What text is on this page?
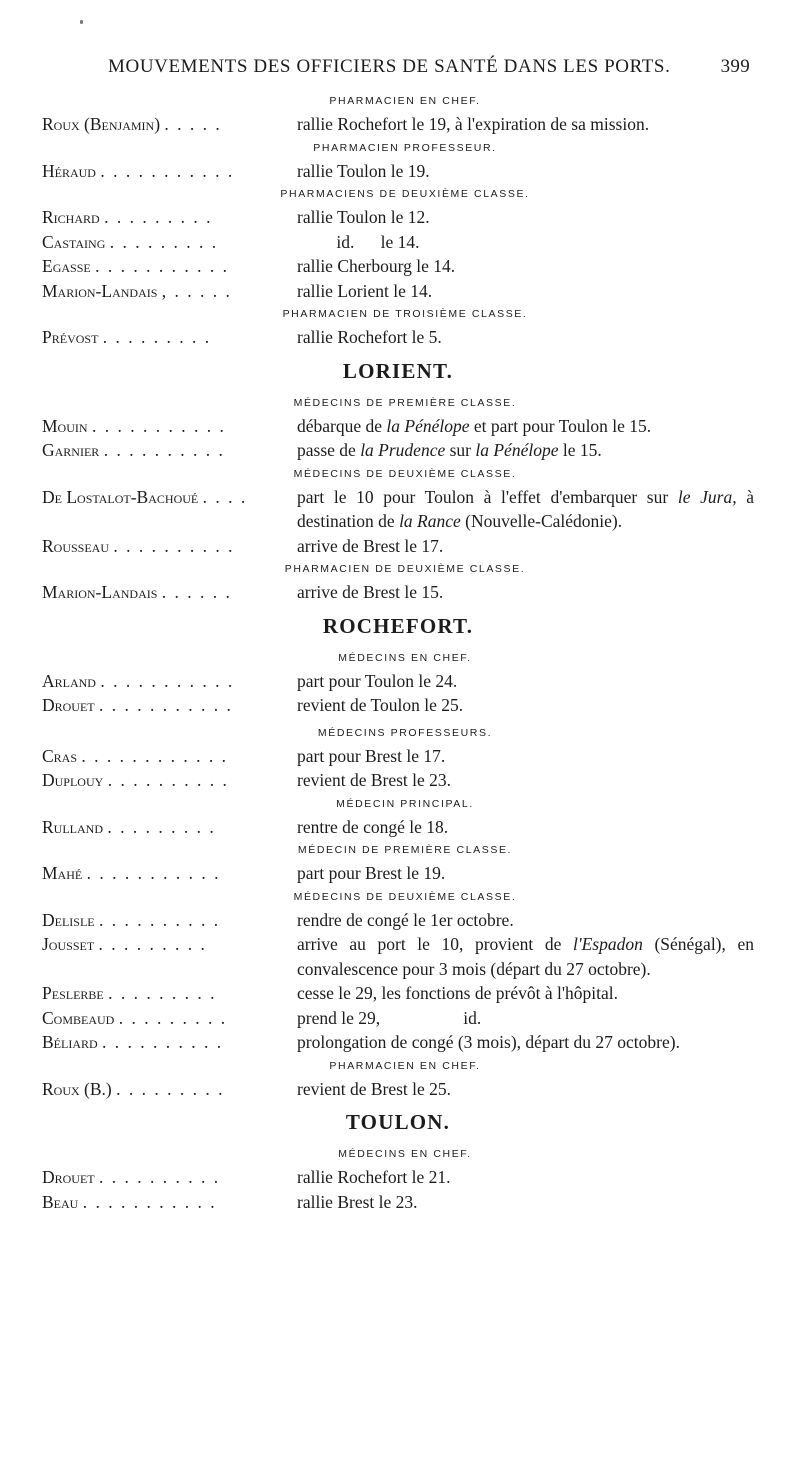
MOUVEMENTS DES OFFICIERS DE SANTÉ DANS LES PORTS.	399
PHARMACIEN EN CHEF.
Roux (Benjamin) . . . . .	rallie Rochefort le 19, à l'expiration de sa mission.
PHARMACIEN PROFESSEUR.
Héraud . . . . . . . . . . .	rallie Toulon le 19.
PHARMACIENS DE DEUXIÈME CLASSE.
Richard . . . . . . . . .	rallie Toulon le 12.
Castaing . . . . . . . . .	id.      le 14.
Egasse . . . . . . . . . . .	rallie Cherbourg le 14.
Marion-Landais , . . . . .	rallie Lorient le 14.
PHARMACIEN DE TROISIÈME CLASSE.
Prévost . . . . . . . . .	rallie Rochefort le 5.
LORIENT.
MÉDECINS DE PREMIÈRE CLASSE.
Mouin . . . . . . . . . . .	débarque de la Pénélope et part pour Toulon le 15.
Garnier . . . . . . . . . .	passe de la Prudence sur la Pénélope le 15.
MÉDECINS DE DEUXIÈME CLASSE.
De Lostalot-Bachoué . . . .	part le 10 pour Toulon à l'effet d'embarquer sur le Jura, à destination de la Rance (Nouvelle-Calédonie).
Rousseau . . . . . . . . . .	arrive de Brest le 17.
PHARMACIEN DE DEUXIÈME CLASSE.
Marion-Landais . . . . . .	arrive de Brest le 15.
ROCHEFORT.
MÉDECINS EN CHEF.
Arland . . . . . . . . . . .	part pour Toulon le 24.
Drouet . . . . . . . . . . .	revient de Toulon le 25.
MÉDECINS PROFESSEURS.
Cras . . . . . . . . . . . .	part pour Brest le 17.
Duplouy . . . . . . . . . .	revient de Brest le 23.
MÉDECIN PRINCIPAL.
Rulland . . . . . . . . .	rentre de congé le 18.
MÉDECIN DE PREMIÈRE CLASSE.
Mahé . . . . . . . . . . .	part pour Brest le 19.
MÉDECINS DE DEUXIÈME CLASSE.
Delisle . . . . . . . . . .	rendre de congé le 1er octobre.
Jousset . . . . . . . . .	arrive au port le 10, provient de l'Espadon (Sénégal), en convalescence pour 3 mois (départ du 27 octobre).
Peslerbe . . . . . . . . .	cesse le 29, les fonctions de prévôt à l'hôpital.
Combeaud . . . . . . . . .	prend le 29,                   id.
Béliard . . . . . . . . . .	prolongation de congé (3 mois), départ du 27 octobre).
PHARMACIEN EN CHEF.
Roux (B.) . . . . . . . . .	revient de Brest le 25.
TOULON.
MÉDECINS EN CHEF.
Drouet . . . . . . . . . .	rallie Rochefort le 21.
Beau . . . . . . . . . . .	rallie Brest le 23.
